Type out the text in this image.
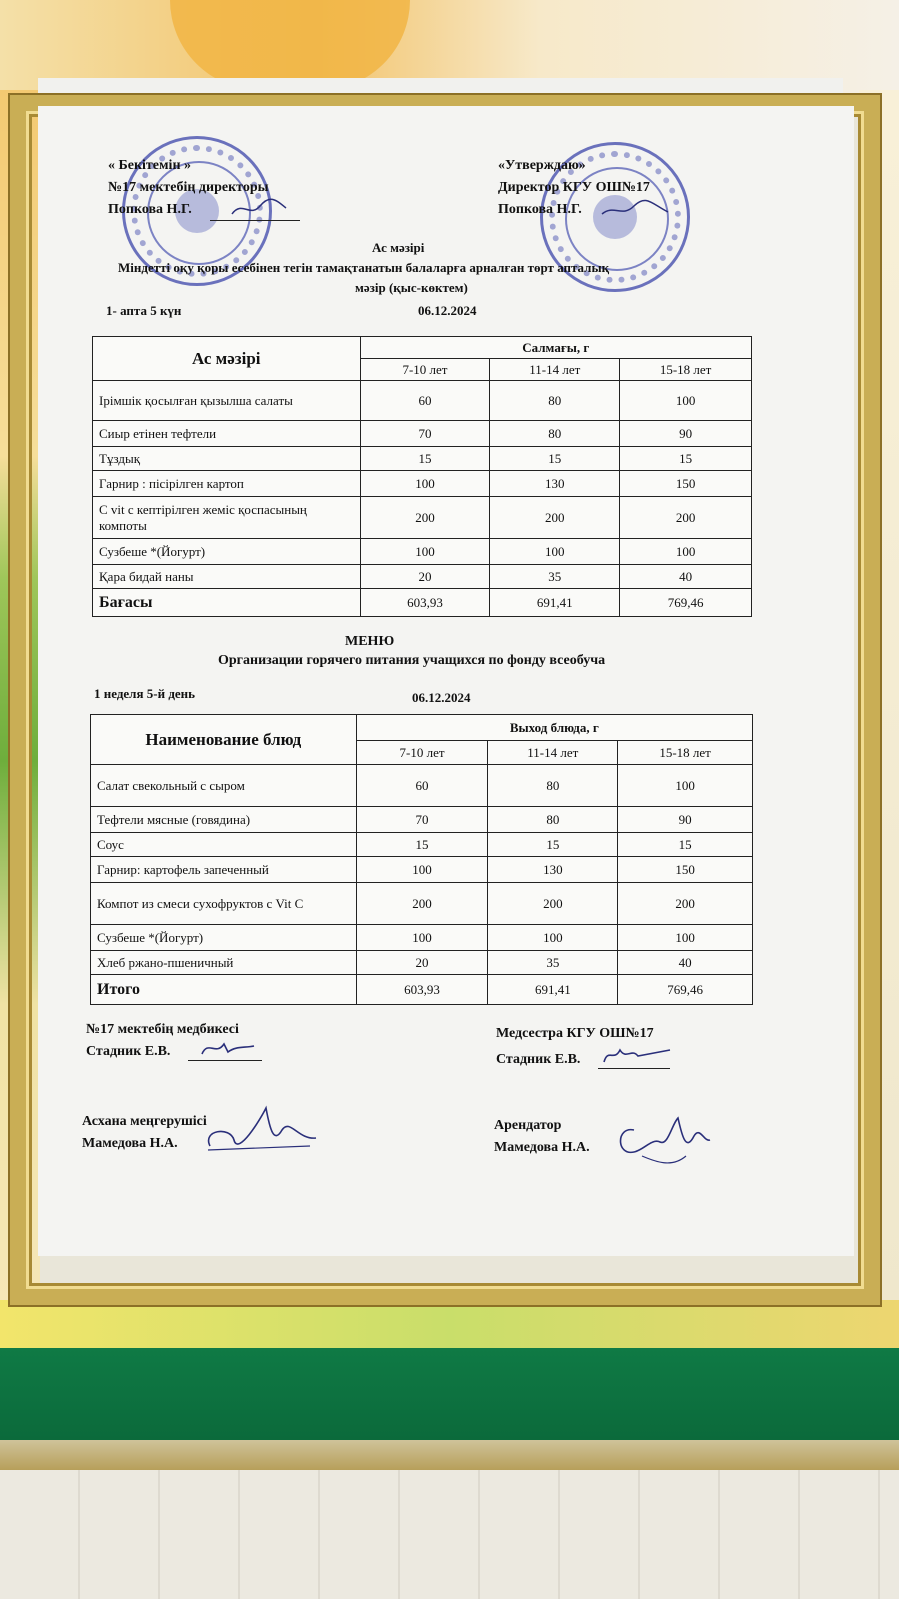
« Бекітемін »
№17 мектебің директоры
Попкова Н.Г.
«Утверждаю»
Директор КГУ ОШ№17
Попкова Н.Г.
Ас мәзірі
Міндетті оқу қоры есебінен тегін тамақтанатын балаларға арналған төрт апталық
мәзір (қыс-көктем)
1- апта 5 күн	06.12.2024
Ас мәзірі	Салмағы, г		
	7-10 лет	11-14 лет	15-18 лет
Ірімшік қосылған қызылша салаты	60	80	100
Сиыр етінен тефтели	70	80	90
Тұздық	15	15	15
Гарнир : пісірілген картоп	100	130	150
C vit с кептірілген жеміс қоспасының компоты	200	200	200
Сузбеше *(Йогурт)	100	100	100
Қара бидай наны	20	35	40
Бағасы	603,93	691,41	769,46
МЕНЮ
Организации горячего питания учащихся по фонду всеобуча
1 неделя 5-й день	06.12.2024
Наименование блюд	Выход блюда, г		
	7-10 лет	11-14 лет	15-18 лет
Салат свекольный с сыром	60	80	100
Тефтели мясные (говядина)	70	80	90
Соус	15	15	15
Гарнир: картофель запеченный	100	130	150
Компот из смеси сухофруктов с Vit C	200	200	200
Сузбеше *(Йогурт)	100	100	100
Хлеб ржано-пшеничный	20	35	40
Итого	603,93	691,41	769,46
№17 мектебің медбикесі
Стадник Е.В.
Медсестра КГУ ОШ№17
Стадник Е.В.
Асхана меңгерушісі
Мамедова Н.А.
Арендатор
Мамедова Н.А.
